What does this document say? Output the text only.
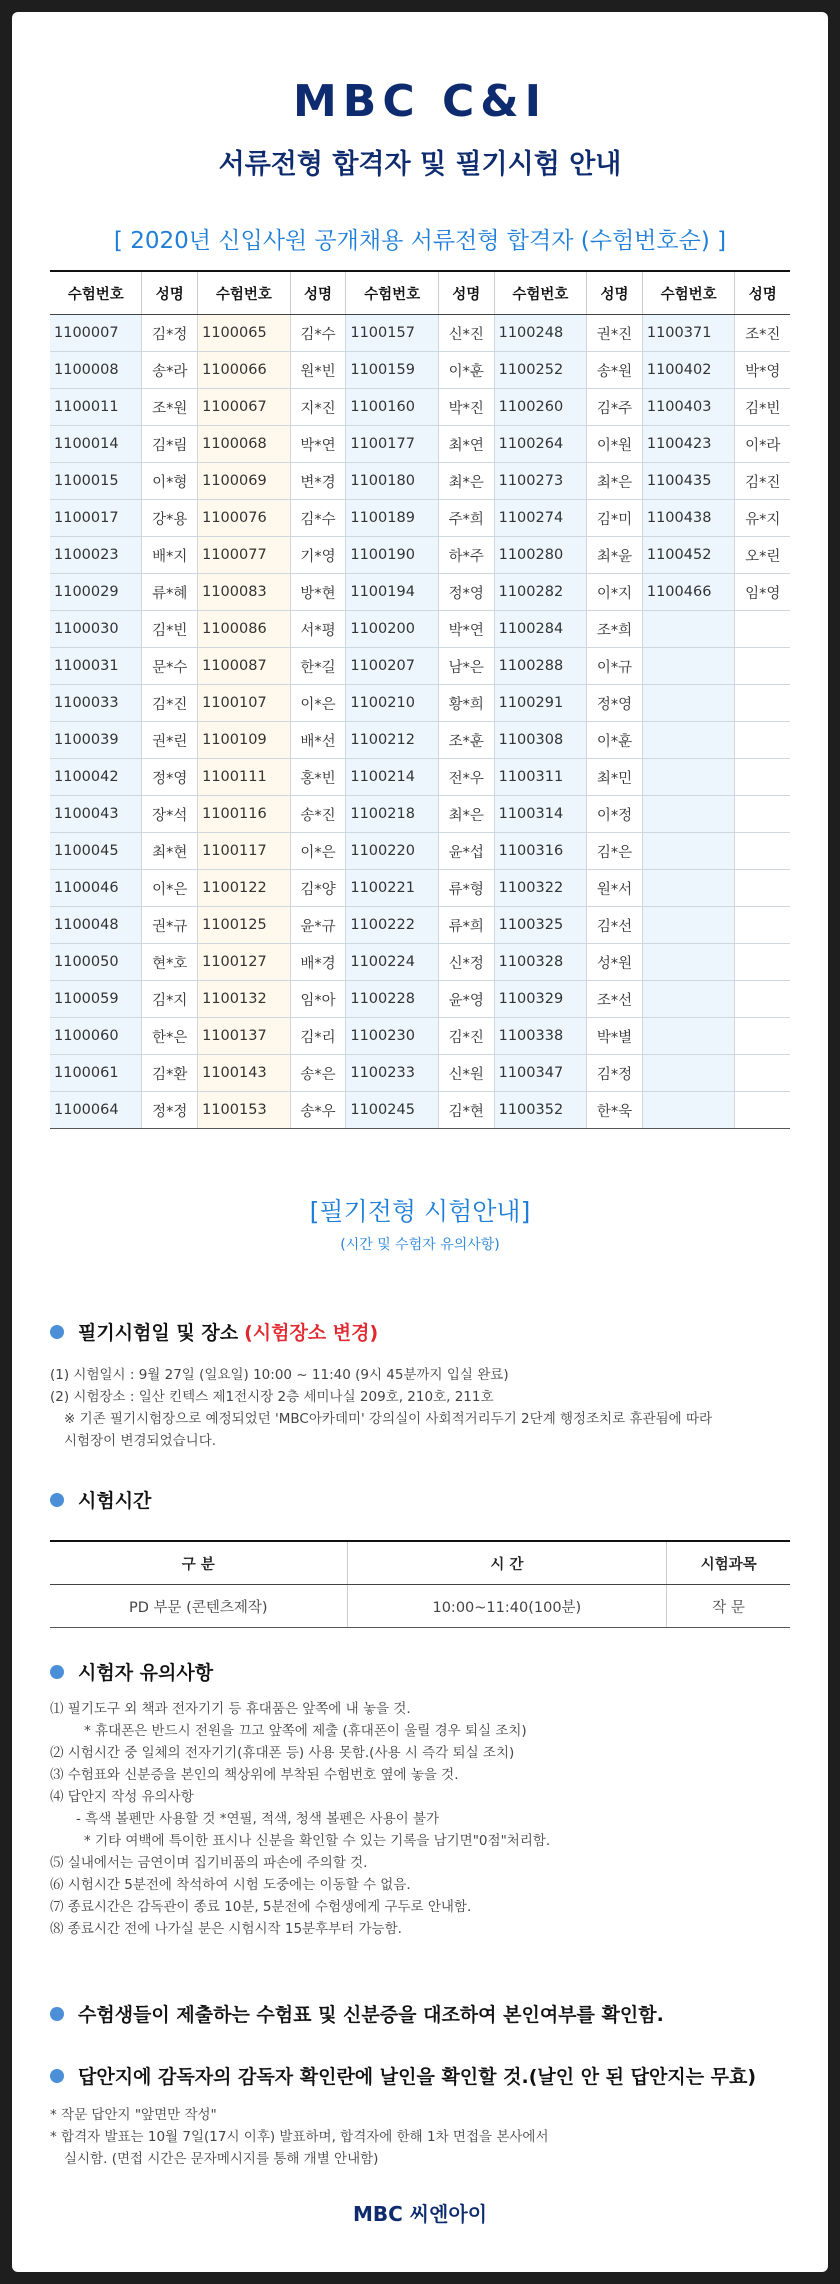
MBC C&I
서류전형 합격자 및 필기시험 안내
[ 2020년 신입사원 공개채용 서류전형 합격자 (수험번호순) ]
수험번호	성명	수험번호	성명	수험번호	성명	수험번호	성명	수험번호	성명
1100007	김*정	1100065	김*수	1100157	신*진	1100248	권*진	1100371	조*진
1100008	송*라	1100066	원*빈	1100159	이*훈	1100252	송*원	1100402	박*영
1100011	조*원	1100067	지*진	1100160	박*진	1100260	김*주	1100403	김*빈
1100014	김*림	1100068	박*연	1100177	최*연	1100264	이*원	1100423	이*라
1100015	이*형	1100069	변*경	1100180	최*은	1100273	최*은	1100435	김*진
1100017	강*용	1100076	김*수	1100189	주*희	1100274	김*미	1100438	유*지
1100023	배*지	1100077	기*영	1100190	하*주	1100280	최*윤	1100452	오*린
1100029	류*혜	1100083	방*현	1100194	정*영	1100282	이*지	1100466	임*영
1100030	김*빈	1100086	서*평	1100200	박*연	1100284	조*희		
1100031	문*수	1100087	한*길	1100207	남*은	1100288	이*규		
1100033	김*진	1100107	이*은	1100210	황*희	1100291	정*영		
1100039	권*린	1100109	배*선	1100212	조*훈	1100308	이*훈		
1100042	정*영	1100111	홍*빈	1100214	전*우	1100311	최*민		
1100043	장*석	1100116	송*진	1100218	최*은	1100314	이*정		
1100045	최*현	1100117	이*은	1100220	윤*섭	1100316	김*은		
1100046	이*은	1100122	김*양	1100221	류*형	1100322	원*서		
1100048	권*규	1100125	윤*규	1100222	류*희	1100325	김*선		
1100050	현*호	1100127	배*경	1100224	신*정	1100328	성*원		
1100059	김*지	1100132	임*아	1100228	윤*영	1100329	조*선		
1100060	한*은	1100137	김*리	1100230	김*진	1100338	박*별		
1100061	김*환	1100143	송*은	1100233	신*원	1100347	김*정		
1100064	정*정	1100153	송*우	1100245	김*현	1100352	한*욱		
[필기전형 시험안내]
(시간 및 수험자 유의사항)
필기시험일 및 장소 (시험장소 변경)
(1) 시험일시 : 9월 27일 (일요일) 10:00 ~ 11:40 (9시 45분까지 입실 완료)
(2) 시험장소 : 일산 킨텍스 제1전시장 2층 세미나실 209호, 210호, 211호
※ 기존 필기시험장으로 예정되었던 'MBC아카데미' 강의실이 사회적거리두기 2단계 행정조치로 휴관됨에 따라
시험장이 변경되었습니다.
시험시간
구 분	시 간	시험과목
PD 부문 (콘텐츠제작)	10:00~11:40(100분)	작 문
시험자 유의사항
⑴ 필기도구 외 책과 전자기기 등 휴대품은 앞쪽에 내 놓을 것.
* 휴대폰은 반드시 전원을 끄고 앞쪽에 제출 (휴대폰이 울릴 경우 퇴실 조치)
⑵ 시험시간 중 일체의 전자기기(휴대폰 등) 사용 못함.(사용 시 즉각 퇴실 조치)
⑶ 수험표와 신분증을 본인의 책상위에 부착된 수험번호 옆에 놓을 것.
⑷ 답안지 작성 유의사항
- 흑색 볼펜만 사용할 것 *연필, 적색, 청색 볼펜은 사용이 불가
* 기타 여백에 특이한 표시나 신분을 확인할 수 있는 기록을 남기면"0점"처리함.
⑸ 실내에서는 금연이며 집기비품의 파손에 주의할 것.
⑹ 시험시간 5분전에 착석하여 시험 도중에는 이동할 수 없음.
⑺ 종료시간은 감독관이 종료 10분, 5분전에 수험생에게 구두로 안내함.
⑻ 종료시간 전에 나가실 분은 시험시작 15분후부터 가능함.
수험생들이 제출하는 수험표 및 신분증을 대조하여 본인여부를 확인함.
답안지에 감독자의 감독자 확인란에 날인을 확인할 것.(날인 안 된 답안지는 무효)
* 작문 답안지 "앞면만 작성"
* 합격자 발표는 10월 7일(17시 이후) 발표하며, 합격자에 한해 1차 면접을 본사에서
실시함. (면접 시간은 문자메시지를 통해 개별 안내함)
MBC 씨엔아이
